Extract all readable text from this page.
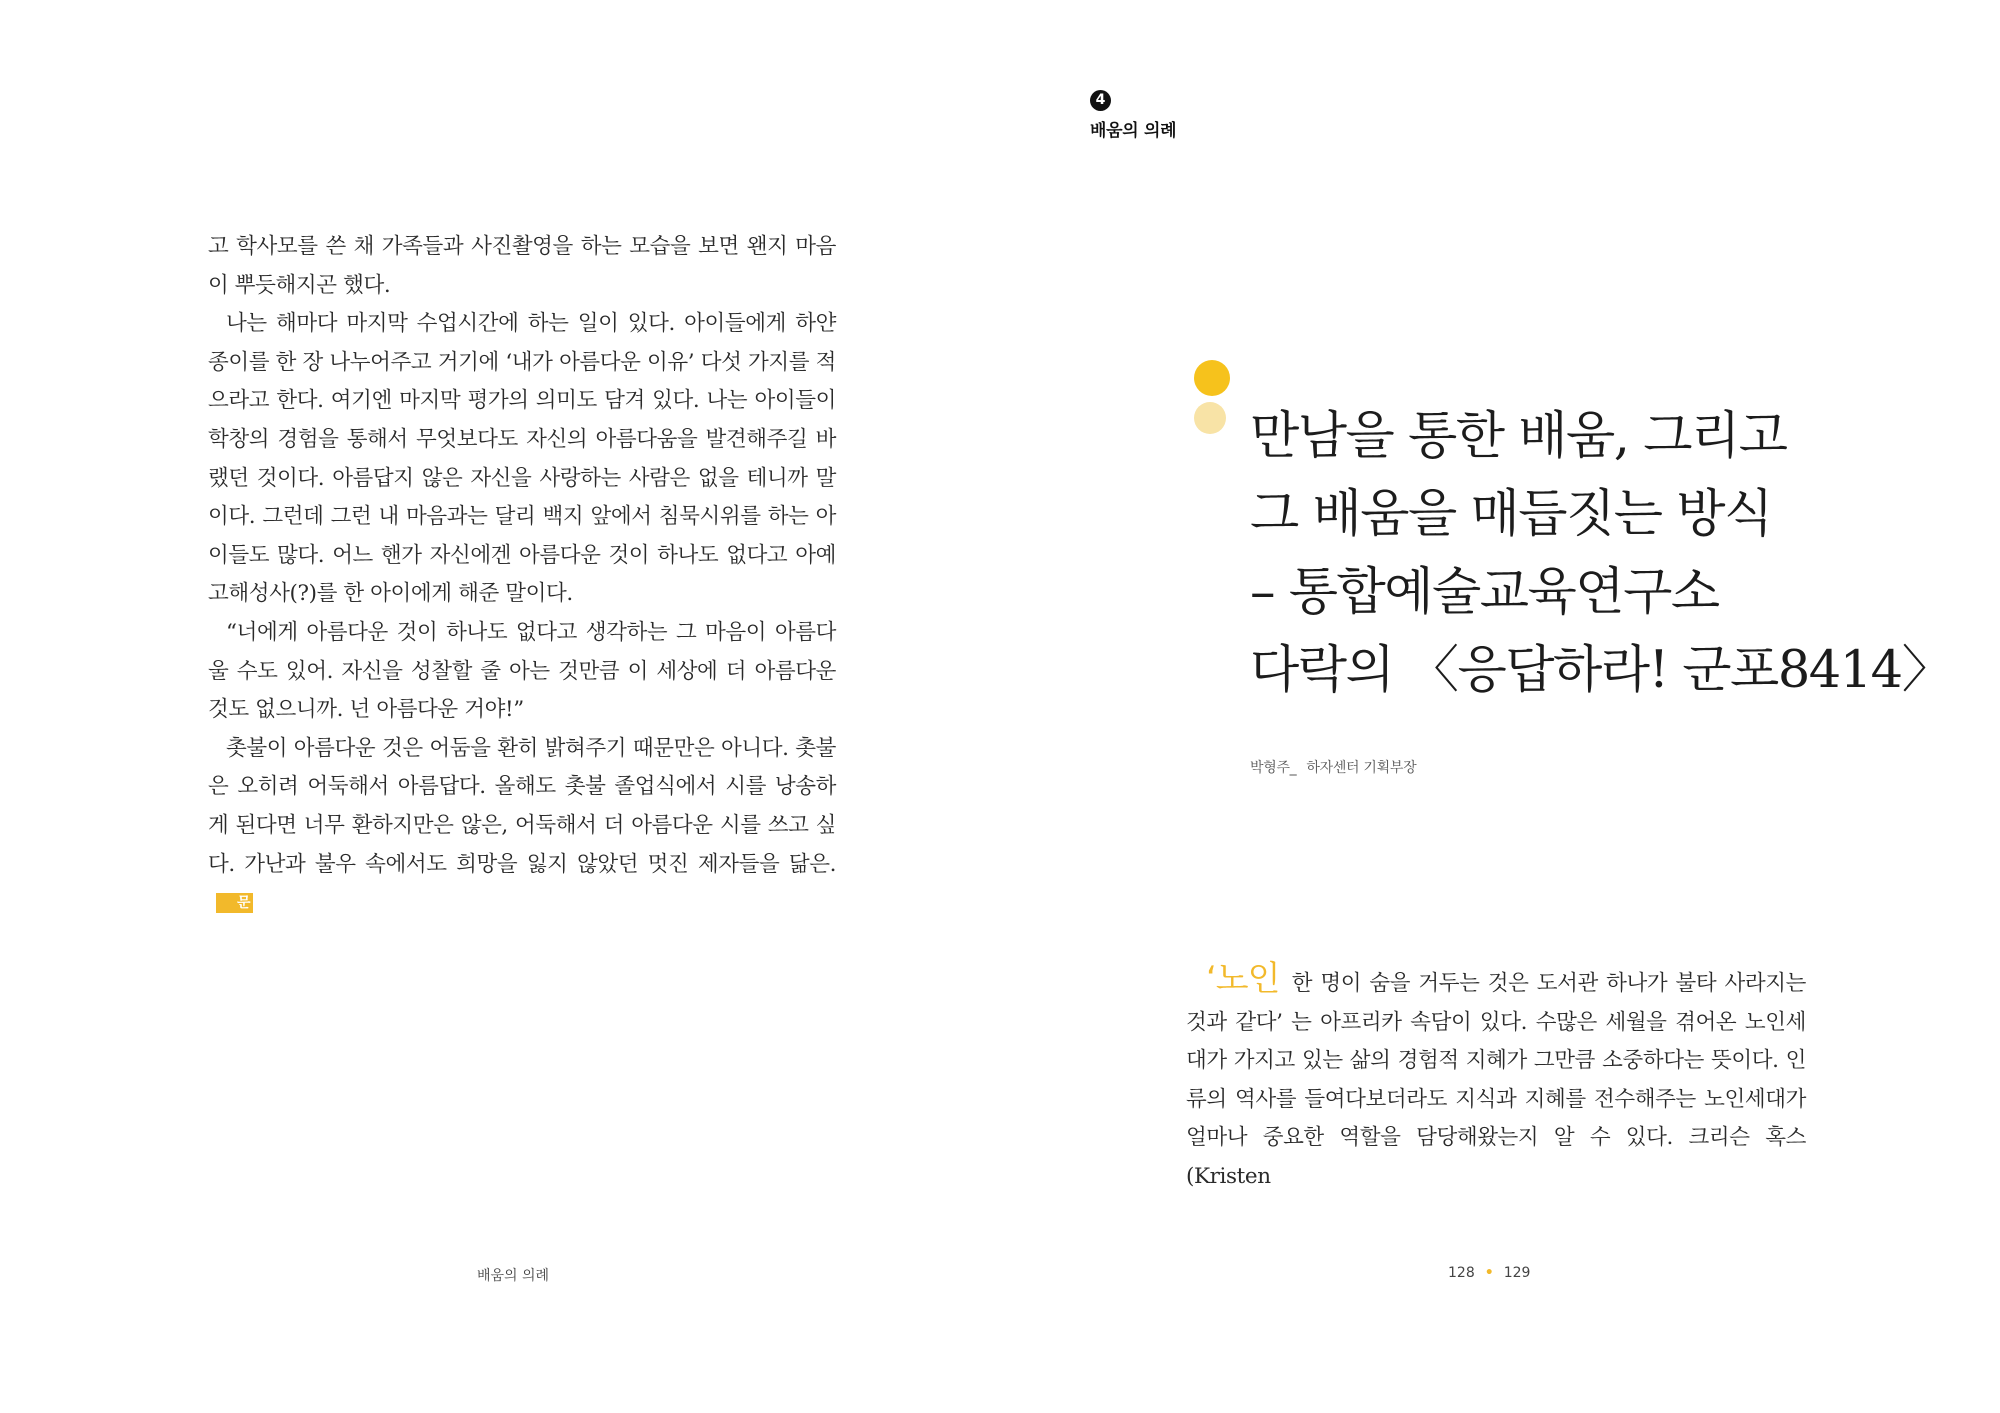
고 학사모를 쓴 채 가족들과 사진촬영을 하는 모습을 보면 왠지 마음이 뿌듯해지곤 했다.

나는 해마다 마지막 수업시간에 하는 일이 있다. 아이들에게 하얀 종이를 한 장 나누어주고 거기에 ‘내가 아름다운 이유’ 다섯 가지를 적으라고 한다. 여기엔 마지막 평가의 의미도 담겨 있다. 나는 아이들이 학창의 경험을 통해서 무엇보다도 자신의 아름다움을 발견해주길 바랬던 것이다. 아름답지 않은 자신을 사랑하는 사람은 없을 테니까 말이다. 그런데 그런 내 마음과는 달리 백지 앞에서 침묵시위를 하는 아이들도 많다. 어느 핸가 자신에겐 아름다운 것이 하나도 없다고 아예 고해성사(?)를 한 아이에게 해준 말이다.

“너에게 아름다운 것이 하나도 없다고 생각하는 그 마음이 아름다울 수도 있어. 자신을 성찰할 줄 아는 것만큼 이 세상에 더 아름다운 것도 없으니까. 넌 아름다운 거야!”

촛불이 아름다운 것은 어둠을 환히 밝혀주기 때문만은 아니다. 촛불은 오히려 어둑해서 아름답다. 올해도 촛불 졸업식에서 시를 낭송하게 된다면 너무 환하지만은 않은, 어둑해서 더 아름다운 시를 쓰고 싶다. 가난과 불우 속에서도 희망을 잃지 않았던 멋진 제자들을 닮은.문

배움의 의례
4
배움의 의례
만남을 통한 배움, 그리고
그 배움을 매듭짓는 방식
– 통합예술교육연구소
다락의 〈응답하라! 군포8414〉
박형주_ 하자센터 기획부장

‘노인 한 명이 숨을 거두는 것은 도서관 하나가 불타 사라지는 것과 같다’ 는 아프리카 속담이 있다. 수많은 세월을 겪어온 노인세대가 가지고 있는 삶의 경험적 지혜가 그만큼 소중하다는 뜻이다. 인류의 역사를 들여다보더라도 지식과 지혜를 전수해주는 노인세대가 얼마나 중요한 역할을 담당해왔는지 알 수 있다. 크리슨 혹스(Kristen

128 • 129
